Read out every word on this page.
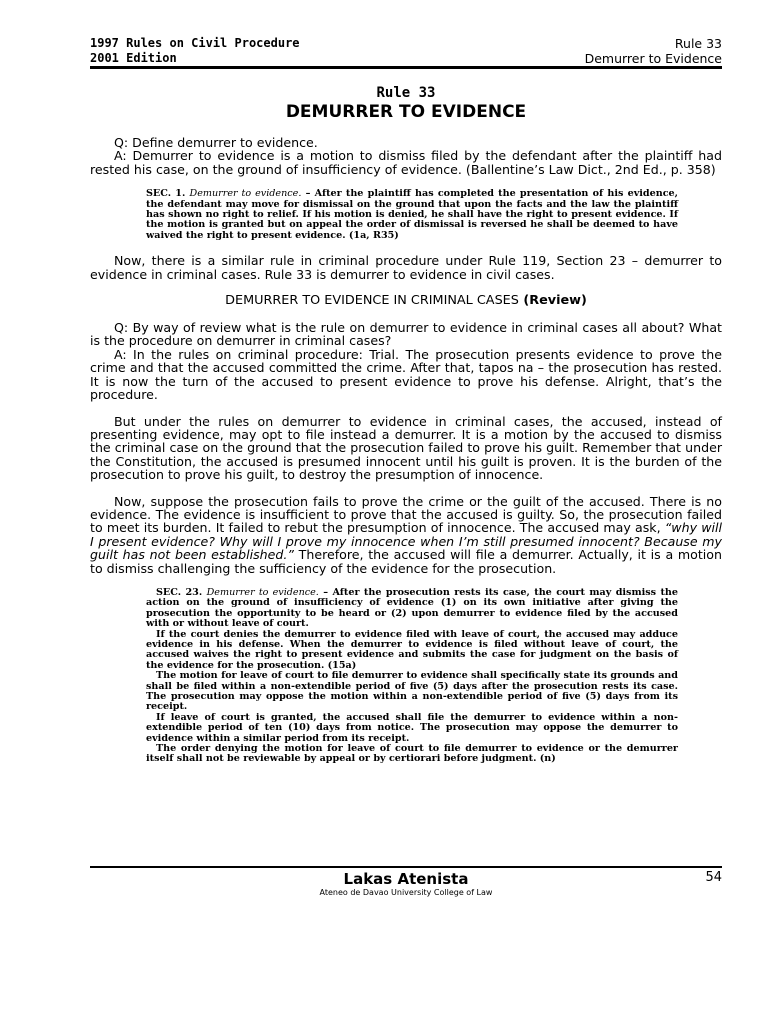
1997 Rules on Civil Procedure
2001 Edition
Rule 33
Demurrer to Evidence
Rule 33
DEMURRER TO EVIDENCE

Q: Define demurrer to evidence.

A: Demurrer to evidence is a motion to dismiss filed by the defendant after the plaintiff had rested his case, on the ground of insufficiency of evidence. (Ballentine’s Law Dict., 2nd Ed., p. 358)

SEC. 1. Demurrer to evidence. – After the plaintiff has completed the presentation of his evidence, the defendant may move for dismissal on the ground that upon the facts and the law the plaintiff has shown no right to relief. If his motion is denied, he shall have the right to present evidence. If the motion is granted but on appeal the order of dismissal is reversed he shall be deemed to have waived the right to present evidence. (1a, R35)

Now, there is a similar rule in criminal procedure under Rule 119, Section 23 – demurrer to evidence in criminal cases. Rule 33 is demurrer to evidence in civil cases.

DEMURRER TO EVIDENCE IN CRIMINAL CASES (Review)

Q: By way of review what is the rule on demurrer to evidence in criminal cases all about? What is the procedure on demurrer in criminal cases?

A: In the rules on criminal procedure: Trial. The prosecution presents evidence to prove the crime and that the accused committed the crime. After that, tapos na – the prosecution has rested. It is now the turn of the accused to present evidence to prove his defense. Alright, that’s the procedure.

But under the rules on demurrer to evidence in criminal cases, the accused, instead of presenting evidence, may opt to file instead a demurrer. It is a motion by the accused to dismiss the criminal case on the ground that the prosecution failed to prove his guilt. Remember that under the Constitution, the accused is presumed innocent until his guilt is proven. It is the burden of the prosecution to prove his guilt, to destroy the presumption of innocence.

Now, suppose the prosecution fails to prove the crime or the guilt of the accused. There is no evidence. The evidence is insufficient to prove that the accused is guilty. So, the prosecution failed to meet its burden. It failed to rebut the presumption of innocence. The accused may ask, “why will I present evidence? Why will I prove my innocence when I’m still presumed innocent? Because my guilt has not been established.” Therefore, the accused will file a demurrer. Actually, it is a motion to dismiss challenging the sufficiency of the evidence for the prosecution.

SEC. 23. Demurrer to evidence. – After the prosecution rests its case, the court may dismiss the action on the ground of insufficiency of evidence (1) on its own initiative after giving the prosecution the opportunity to be heard or (2) upon demurrer to evidence filed by the accused with or without leave of court.
If the court denies the demurrer to evidence filed with leave of court, the accused may adduce evidence in his defense. When the demurrer to evidence is filed without leave of court, the accused waives the right to present evidence and submits the case for judgment on the basis of the evidence for the prosecution. (15a)
The motion for leave of court to file demurrer to evidence shall specifically state its grounds and shall be filed within a non-extendible period of five (5) days after the prosecution rests its case. The prosecution may oppose the motion within a non-extendible period of five (5) days from its receipt.
If leave of court is granted, the accused shall file the demurrer to evidence within a non-extendible period of ten (10) days from notice. The prosecution may oppose the demurrer to evidence within a similar period from its receipt.
The order denying the motion for leave of court to file demurrer to evidence or the demurrer itself shall not be reviewable by appeal or by certiorari before judgment. (n)
Lakas Atenista
Ateneo de Davao University College of Law
54
